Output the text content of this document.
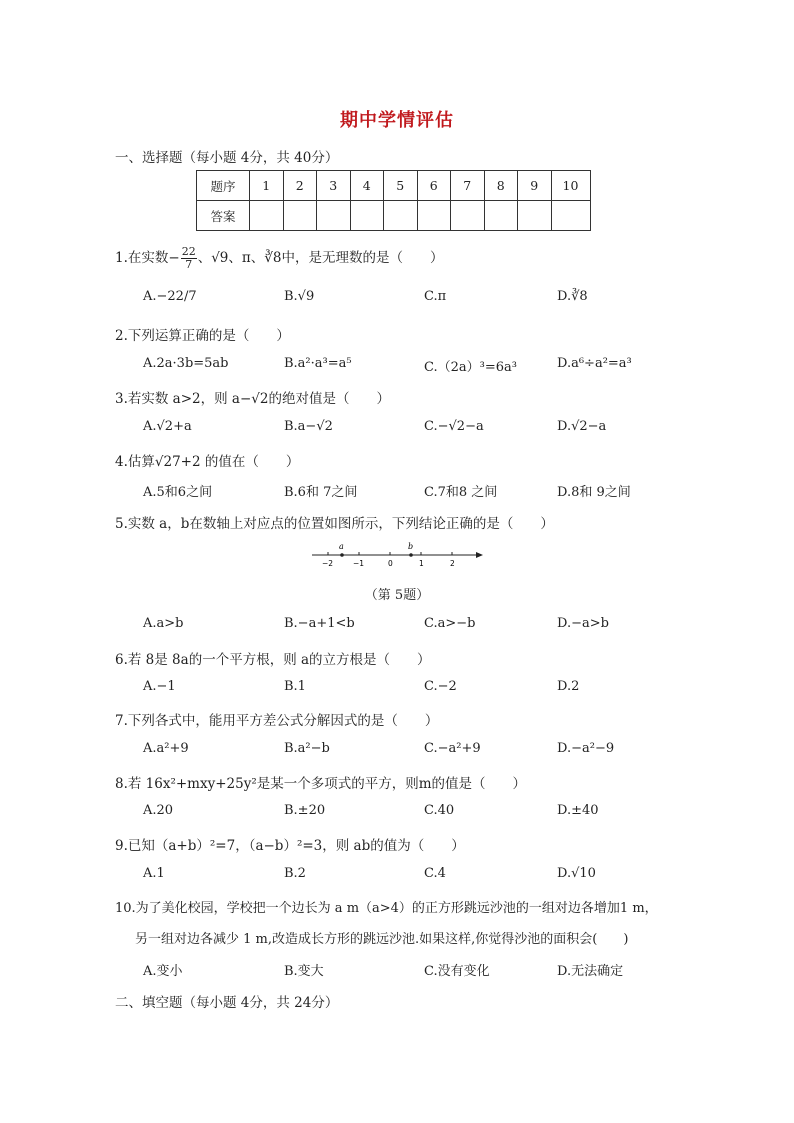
期中学情评估
一、选择题（每小题 4分，共 40分）
题序	1	2	3	4	5	6	7	8	9	10
答案										
1.在实数− $\frac{22}{7}$ 、√9、π、∛8中，是无理数的是（　　）
A.−22/7	B.√9	C.π	D.∛8
2.下列运算正确的是（　　）
A.2a·3b=5ab	B.a²·a³=a⁵	C.（2a）³=6a³	D.a⁶÷a²=a³
3.若实数 a>2，则 a−√2的绝对值是（　　）
A.√2+a	B.a−√2	C.−√2−a	D.√2−a
4.估算√27+2 的值在（　　）
A.5和6之间	B.6和 7之间	C.7和8 之间	D.8和 9之间
5.实数 a，b在数轴上对应点的位置如图所示，下列结论正确的是（　　）
a	b
−2	−1	0	1	2
（第 5题）
A.a>b	B.−a+1<b	C.a>−b	D.−a>b
6.若 8是 8a的一个平方根，则 a的立方根是（　　）
A.−1	B.1	C.−2	D.2
7.下列各式中，能用平方差公式分解因式的是（　　）
A.a²+9	B.a²−b	C.−a²+9	D.−a²−9
8.若 16x²+mxy+25y²是某一个多项式的平方，则m的值是（　　）
A.20	B.±20	C.40	D.±40
9.已知（a+b）²=7，（a−b）²=3，则 ab的值为（　　）
A.1	B.2	C.4	D.√10
10.为了美化校园，学校把一个边长为 a m（a>4）的正方形跳远沙池的一组对边各增加1 m，
另一组对边各减少 1 m,改造成长方形的跳远沙池.如果这样,你觉得沙池的面积会(　　)
A.变小	B.变大	C.没有变化	D.无法确定
二、填空题（每小题 4分，共 24分）
